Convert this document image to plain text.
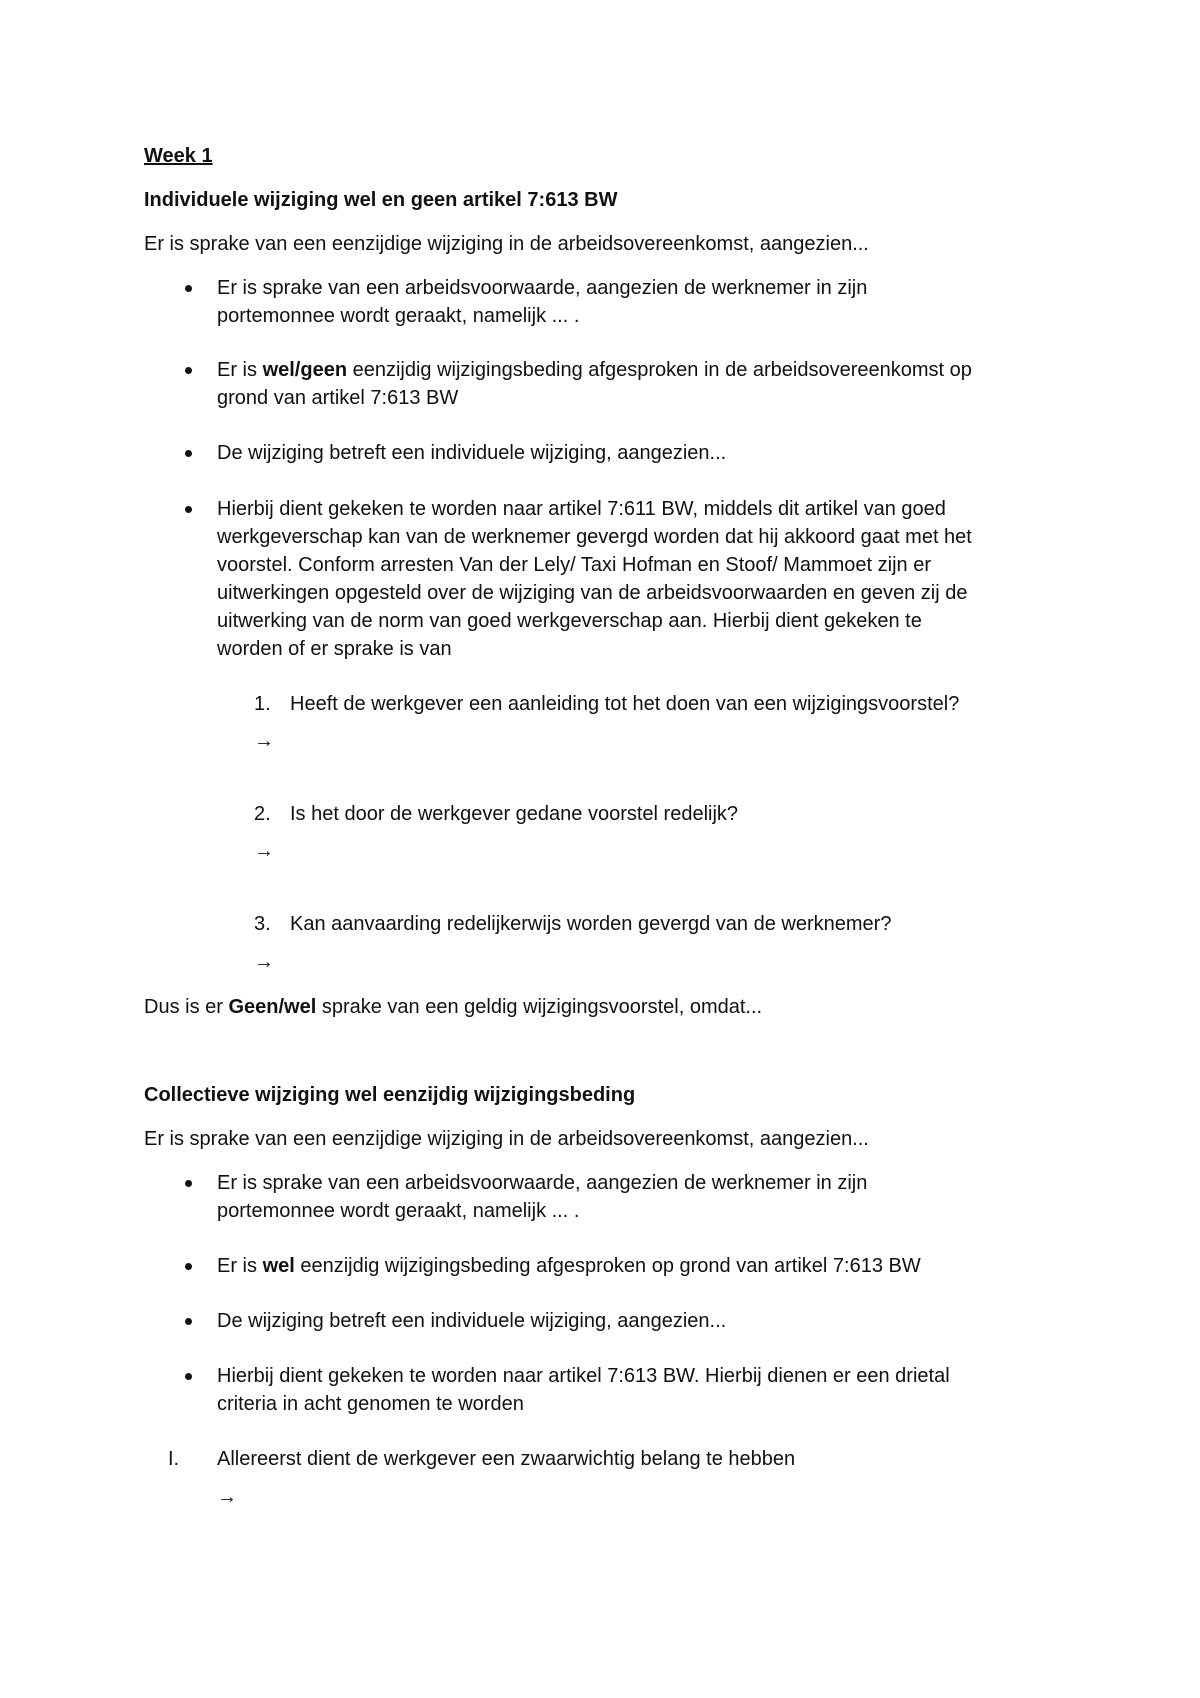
Week 1
Individuele wijziging wel en geen artikel 7:613 BW
Er is sprake van een eenzijdige wijziging in de arbeidsovereenkomst, aangezien...
Er is sprake van een arbeidsvoorwaarde, aangezien de werknemer in zijn
portemonnee wordt geraakt, namelijk ... .
Er is wel/geen eenzijdig wijzigingsbeding afgesproken in de arbeidsovereenkomst op
grond van artikel 7:613 BW
De wijziging betreft een individuele wijziging, aangezien...
Hierbij dient gekeken te worden naar artikel 7:611 BW, middels dit artikel van goed
werkgeverschap kan van de werknemer gevergd worden dat hij akkoord gaat met het
voorstel. Conform arresten Van der Lely/ Taxi Hofman en Stoof/ Mammoet zijn er
uitwerkingen opgesteld over de wijziging van de arbeidsvoorwaarden en geven zij de
uitwerking van de norm van goed werkgeverschap aan. Hierbij dient gekeken te
worden of er sprake is van
1. Heeft de werkgever een aanleiding tot het doen van een wijzigingsvoorstel?
→
2. Is het door de werkgever gedane voorstel redelijk?
→
3. Kan aanvaarding redelijkerwijs worden gevergd van de werknemer?
→
Dus is er Geen/wel sprake van een geldig wijzigingsvoorstel, omdat...
Collectieve wijziging wel eenzijdig wijzigingsbeding
Er is sprake van een eenzijdige wijziging in de arbeidsovereenkomst, aangezien...
Er is sprake van een arbeidsvoorwaarde, aangezien de werknemer in zijn
portemonnee wordt geraakt, namelijk ... .
Er is wel eenzijdig wijzigingsbeding afgesproken op grond van artikel 7:613 BW
De wijziging betreft een individuele wijziging, aangezien...
Hierbij dient gekeken te worden naar artikel 7:613 BW. Hierbij dienen er een drietal
criteria in acht genomen te worden
I. Allereerst dient de werkgever een zwaarwichtig belang te hebben
→
